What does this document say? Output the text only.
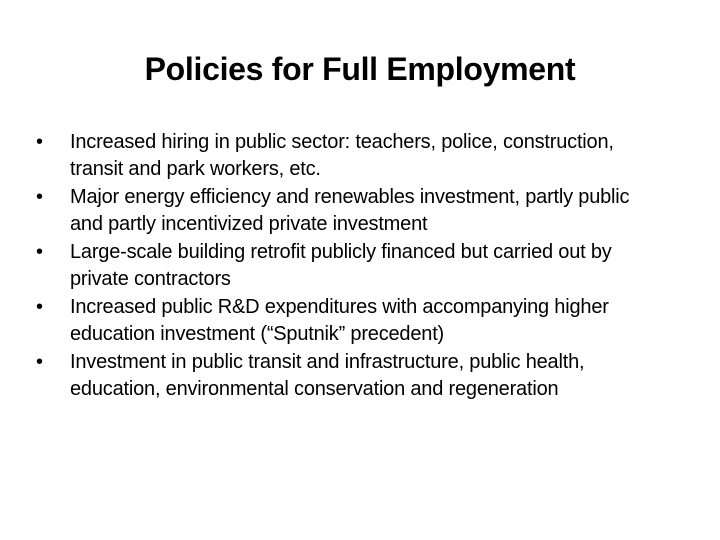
Policies for Full Employment
•	Increased hiring in public sector: teachers, police, construction, transit and park workers, etc.
•	Major energy efficiency and renewables investment, partly public and partly incentivized private investment
•	Large-scale building retrofit publicly financed but carried out by private contractors
•	Increased public R&D expenditures with accompanying higher education investment (“Sputnik” precedent)
•	Investment in public transit and infrastructure, public health, education, environmental conservation and regeneration
